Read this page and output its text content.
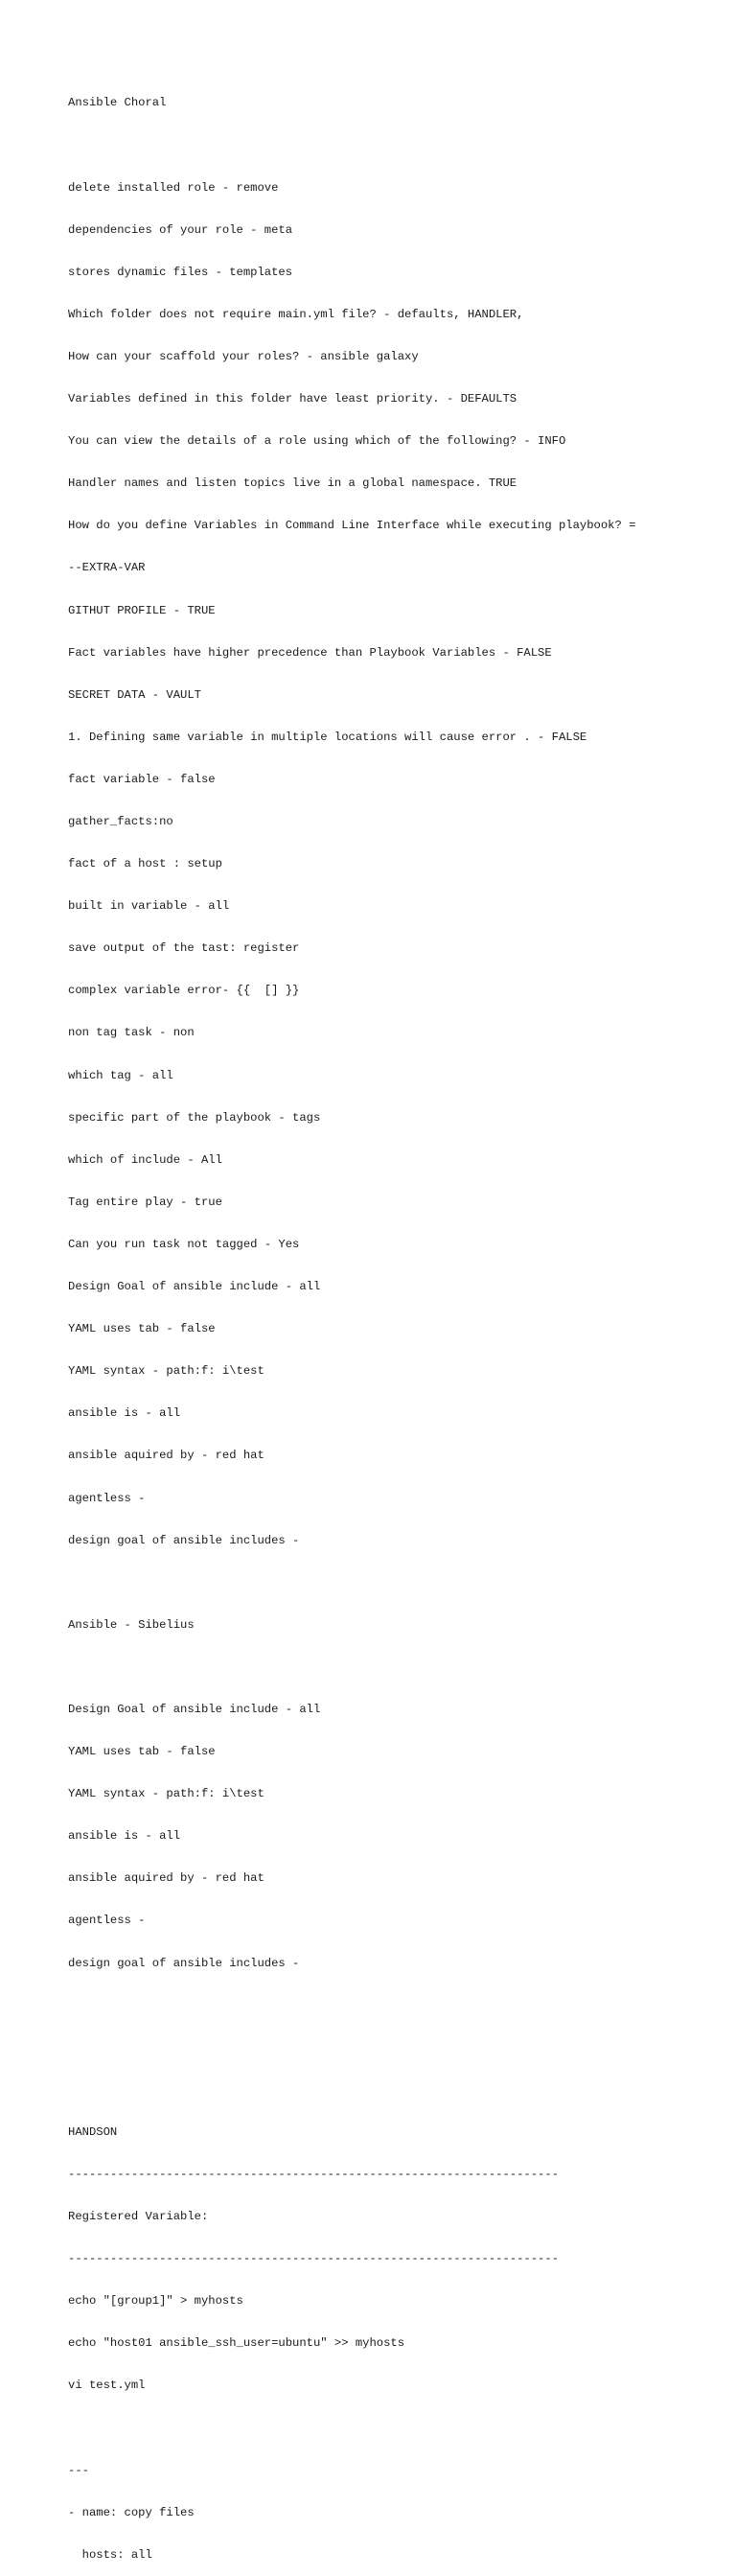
Ansible Choral

delete installed role - remove

dependencies of your role - meta

stores dynamic files - templates

Which folder does not require main.yml file? - defaults, HANDLER,

How can your scaffold your roles? - ansible galaxy

Variables defined in this folder have least priority. - DEFAULTS

You can view the details of a role using which of the following? - INFO

Handler names and listen topics live in a global namespace. TRUE

How do you define Variables in Command Line Interface while executing playbook? =

--EXTRA-VAR

GITHUT PROFILE - TRUE

Fact variables have higher precedence than Playbook Variables - FALSE

SECRET DATA - VAULT

1. Defining same variable in multiple locations will cause error . - FALSE

fact variable - false

gather_facts:no

fact of a host : setup

built in variable - all

save output of the tast: register

complex variable error- {{  [] }}

non tag task - non

which tag - all

specific part of the playbook - tags

which of include - All

Tag entire play - true

Can you run task not tagged - Yes

Design Goal of ansible include - all

YAML uses tab - false

YAML syntax - path:f: i\test

ansible is - all

ansible aquired by - red hat

agentless -

design goal of ansible includes -

Ansible - Sibelius

Design Goal of ansible include - all

YAML uses tab - false

YAML syntax - path:f: i\test

ansible is - all

ansible aquired by - red hat

agentless -

design goal of ansible includes -

HANDSON

----------------------------------------------------------------------

Registered Variable:

----------------------------------------------------------------------

echo "[group1]" > myhosts

echo "host01 ansible_ssh_user=ubuntu" >> myhosts

vi test.yml

---

- name: copy files

hosts: all
